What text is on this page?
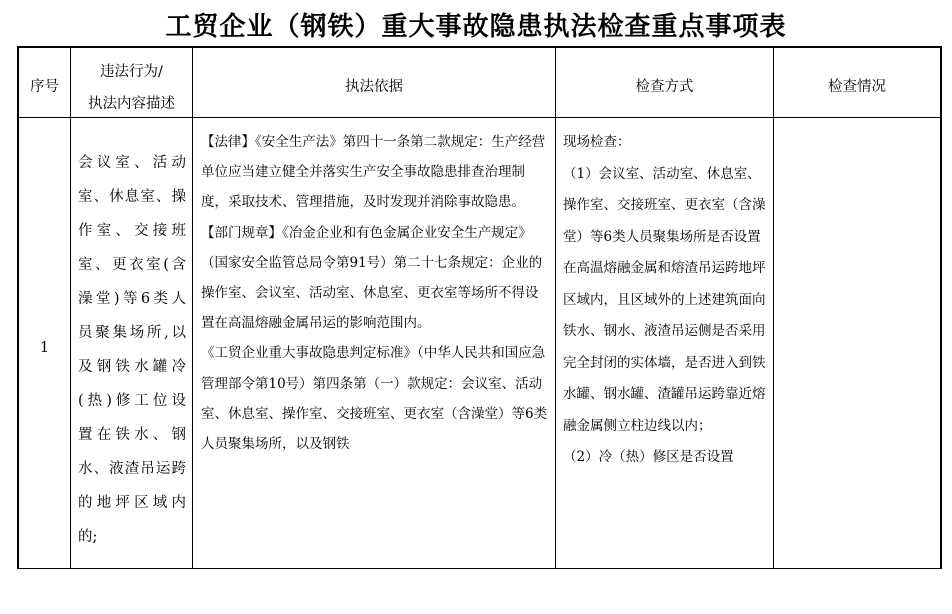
工贸企业（钢铁）重大事故隐患执法检查重点事项表
序号
违法行为/
执法内容描述
执法依据	检查方式	检查情况
1
会议室、活动
室、休息室、操
作室、交接班
室、更衣室(含
澡堂)等6类人
员聚集场所,以
及钢铁水罐冷
(热)修工位设
置在铁水、钢
水、液渣吊运跨
的地坪区域内
的;

【法律】《安全生产法》第四十一条第二款规定：生产经营单位应当建立健全并落实生产安全事故隐患排查治理制度，采取技术、管理措施，及时发现并消除事故隐患。

【部门规章】《冶金企业和有色金属企业安全生产规定》（国家安全监管总局令第91号）第二十七条规定：企业的操作室、会议室、活动室、休息室、更衣室等场所不得设置在高温熔融金属吊运的影响范围内。

《工贸企业重大事故隐患判定标准》（中华人民共和国应急管理部令第10号）第四条第（一）款规定：会议室、活动室、休息室、操作室、交接班室、更衣室（含澡堂）等6类人员聚集场所，以及钢铁

现场检查：

（1）会议室、活动室、休息室、操作室、交接班室、更衣室（含澡堂）等6类人员聚集场所是否设置在高温熔融金属和熔渣吊运跨地坪区域内，且区域外的上述建筑面向铁水、钢水、液渣吊运侧是否采用完全封闭的实体墙，是否进入到铁水罐、钢水罐、渣罐吊运跨靠近熔融金属侧立柱边线以内；

（2）冷（热）修区是否设置
